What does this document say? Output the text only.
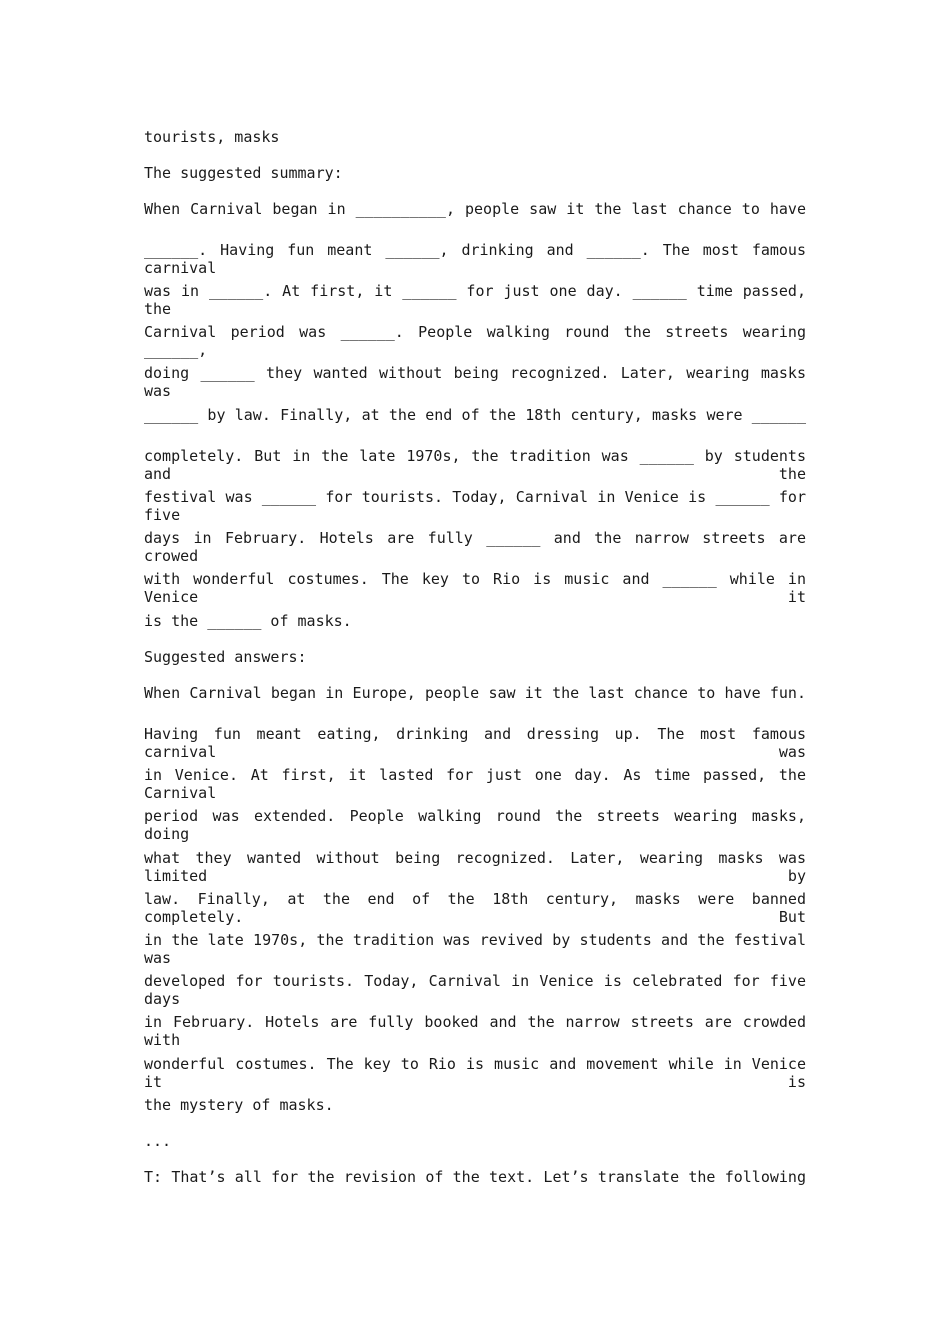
tourists, masks
The suggested summary:
When Carnival began in __________, people saw it the last chance to have
______. Having fun meant ______, drinking and ______. The most famous carnival
was in ______. At first, it ______ for just one day. ______ time passed, the
Carnival period was ______. People walking round the streets wearing ______,
doing ______ they wanted without being recognized. Later, wearing masks was
______ by law. Finally, at the end of the 18th century, masks were ______
completely. But in the late 1970s, the tradition was ______ by students and the
festival was ______ for tourists. Today, Carnival in Venice is ______ for five
days in February. Hotels are fully ______ and the narrow streets are crowed
with wonderful costumes. The key to Rio is music and ______ while in Venice it
is the ______ of masks.
Suggested answers:
When Carnival began in Europe, people saw it the last chance to have fun.
Having fun meant eating, drinking and dressing up. The most famous carnival was
in Venice. At first, it lasted for just one day. As time passed, the Carnival
period was extended. People walking round the streets wearing masks, doing
what they wanted without being recognized. Later, wearing masks was limited by
law. Finally, at the end of the 18th century, masks were banned completely. But
in the late 1970s, the tradition was revived by students and the festival was
developed for tourists. Today, Carnival in Venice is celebrated for five days
in February. Hotels are fully booked and the narrow streets are crowded with
wonderful costumes. The key to Rio is music and movement while in Venice it is
the mystery of masks.
...
T: That’s all for the revision of the text. Let’s translate the following
